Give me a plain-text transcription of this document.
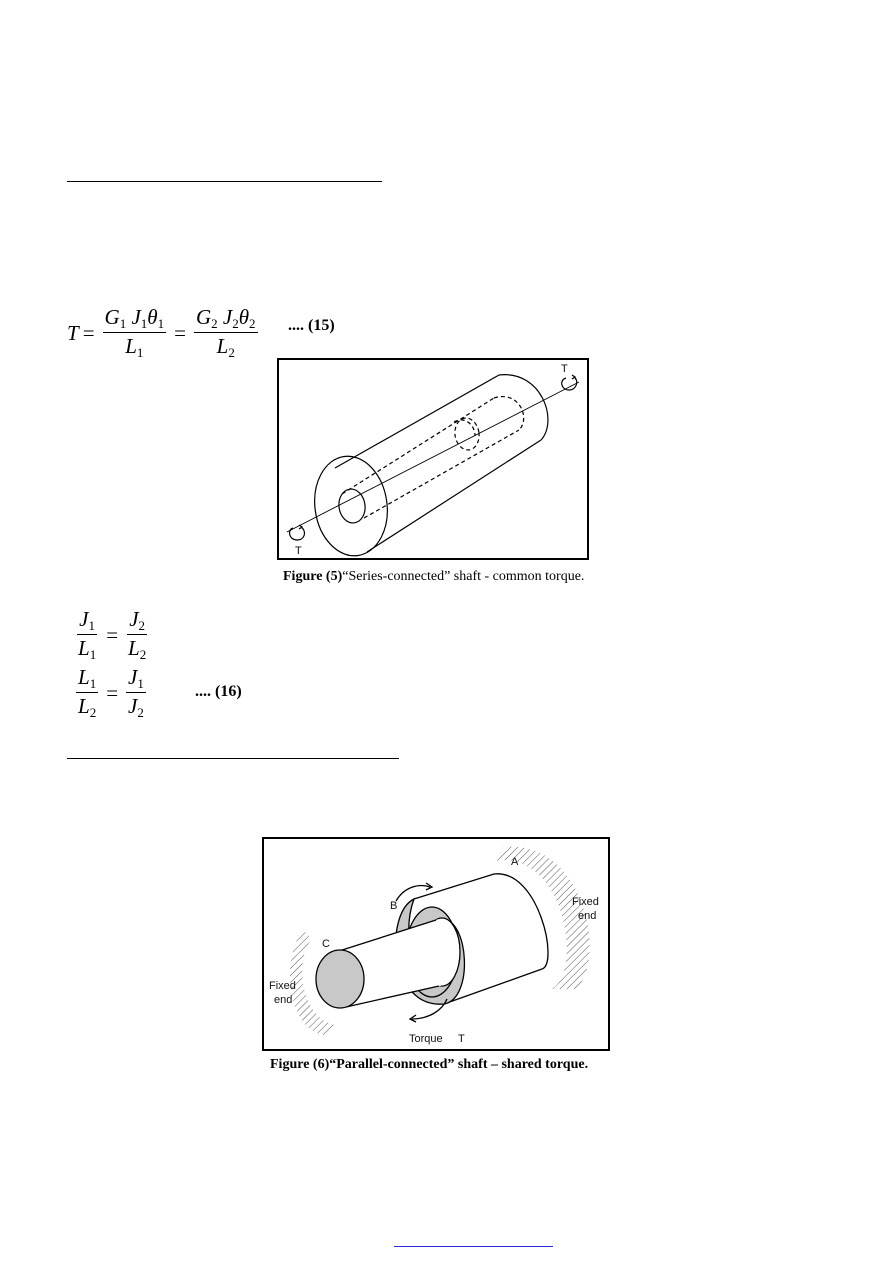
$T = \frac{G_1 J_1\theta_1}{L_1} = \frac{G_2 J_2\theta_2}{L_2}$ .... (15)
T
T
Figure (5)“Series-connected” shaft - common torque.
$\frac{J_1}{L_1} = \frac{J_2}{L_2}$
$\frac{L_1}{L_2} = \frac{J_1}{J_2}$	.... (16)
A
B
C
Fixed
end
Fixed
end
Torque T
Figure (6)“Parallel-connected” shaft – shared torque.
